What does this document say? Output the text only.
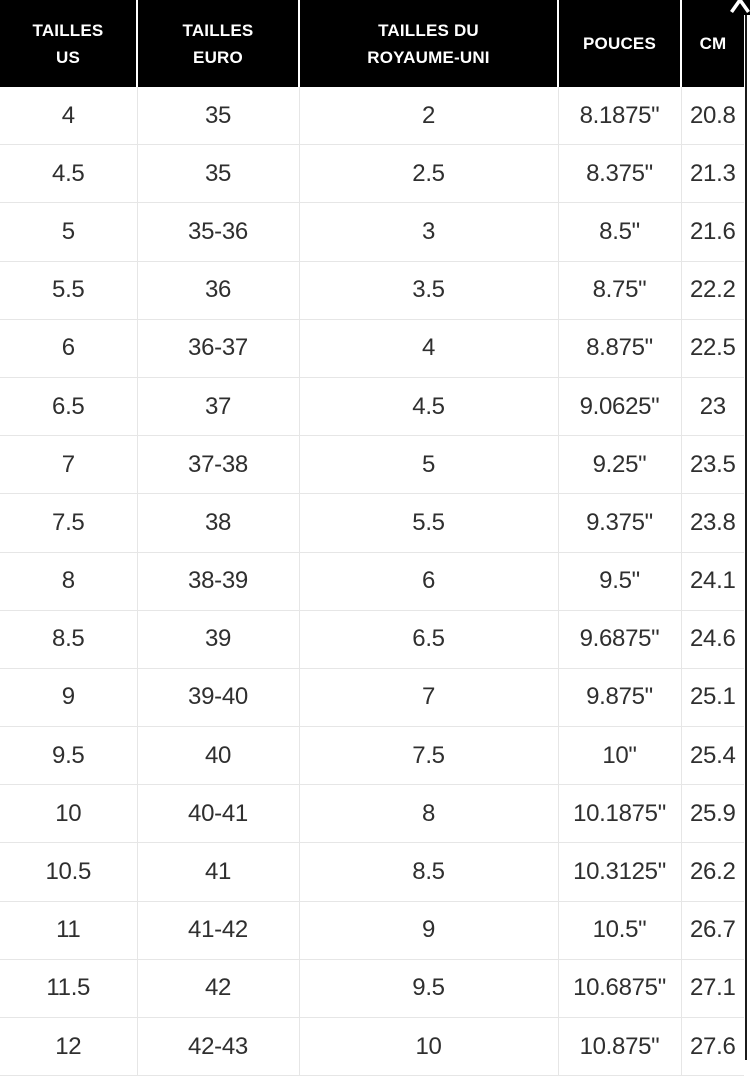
TAILLES US	TAILLES EURO	TAILLES DU ROYAUME-UNI	POUCES	CM
4	35	2	8.1875"	20.8
4.5	35	2.5	8.375"	21.3
5	35-36	3	8.5"	21.6
5.5	36	3.5	8.75"	22.2
6	36-37	4	8.875"	22.5
6.5	37	4.5	9.0625"	23
7	37-38	5	9.25"	23.5
7.5	38	5.5	9.375"	23.8
8	38-39	6	9.5"	24.1
8.5	39	6.5	9.6875"	24.6
9	39-40	7	9.875"	25.1
9.5	40	7.5	10"	25.4
10	40-41	8	10.1875"	25.9
10.5	41	8.5	10.3125"	26.2
11	41-42	9	10.5"	26.7
11.5	42	9.5	10.6875"	27.1
12	42-43	10	10.875"	27.6
